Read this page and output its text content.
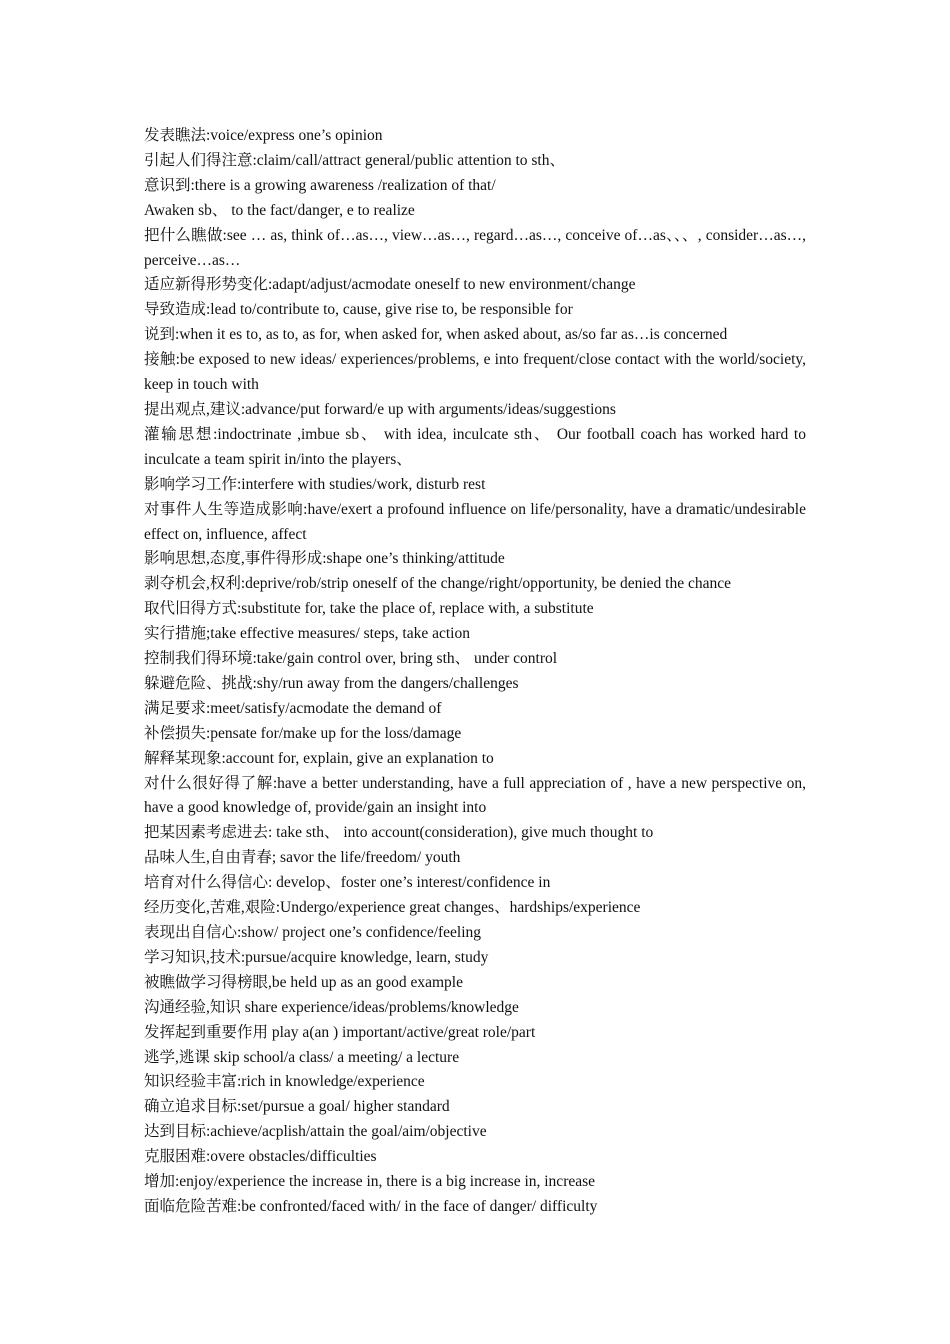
发表瞧法:voice/express one’s opinion

引起人们得注意:claim/call/attract general/public attention to sth、

意识到:there is a growing awareness /realization of that/

Awaken sb、 to the fact/danger, e to realize

把什么瞧做:see … as, think of…as…, view…as…, regard…as…, conceive of…as、、、, consider…as…, perceive…as…

适应新得形势变化:adapt/adjust/acmodate oneself to new environment/change

导致造成:lead to/contribute to, cause, give rise to, be responsible for

说到:when it es to, as to, as for, when asked for, when asked about, as/so far as…is concerned

接触:be exposed to new ideas/ experiences/problems, e into frequent/close contact with the world/society, keep in touch with

提出观点,建议:advance/put forward/e up with arguments/ideas/suggestions

灌输思想:indoctrinate ,imbue sb、 with idea, inculcate sth、 Our football coach has worked hard to inculcate a team spirit in/into the players、

影响学习工作:interfere with studies/work, disturb rest

对事件人生等造成影响:have/exert a profound influence on life/personality, have a dramatic/undesirable effect on, influence, affect

影响思想,态度,事件得形成:shape one’s thinking/attitude

剥夺机会,权利:deprive/rob/strip oneself of the change/right/opportunity, be denied the chance

取代旧得方式:substitute for, take the place of, replace with, a substitute

实行措施;take effective measures/ steps, take action

控制我们得环境:take/gain control over, bring sth、 under control

躲避危险、挑战:shy/run away from the dangers/challenges

满足要求:meet/satisfy/acmodate the demand of

补偿损失:pensate for/make up for the loss/damage

解释某现象:account for, explain, give an explanation to

对什么很好得了解:have a better understanding, have a full appreciation of , have a new perspective on, have a good knowledge of, provide/gain an insight into

把某因素考虑进去: take sth、 into account(consideration), give much thought to

品味人生,自由青春; savor the life/freedom/ youth

培育对什么得信心: develop、foster one’s interest/confidence in

经历变化,苦难,艰险:Undergo/experience great changes、hardships/experience

表现出自信心:show/ project one’s confidence/feeling

学习知识,技术:pursue/acquire knowledge, learn, study

被瞧做学习得榜眼,be held up as an good example

沟通经验,知识 share experience/ideas/problems/knowledge

发挥起到重要作用 play a(an ) important/active/great role/part

逃学,逃课 skip school/a class/ a meeting/ a lecture

知识经验丰富:rich in knowledge/experience

确立追求目标:set/pursue a goal/ higher standard

达到目标:achieve/acplish/attain the goal/aim/objective

克服困难:overe obstacles/difficulties

增加:enjoy/experience the increase in, there is a big increase in, increase

面临危险苦难:be confronted/faced with/ in the face of danger/ difficulty
